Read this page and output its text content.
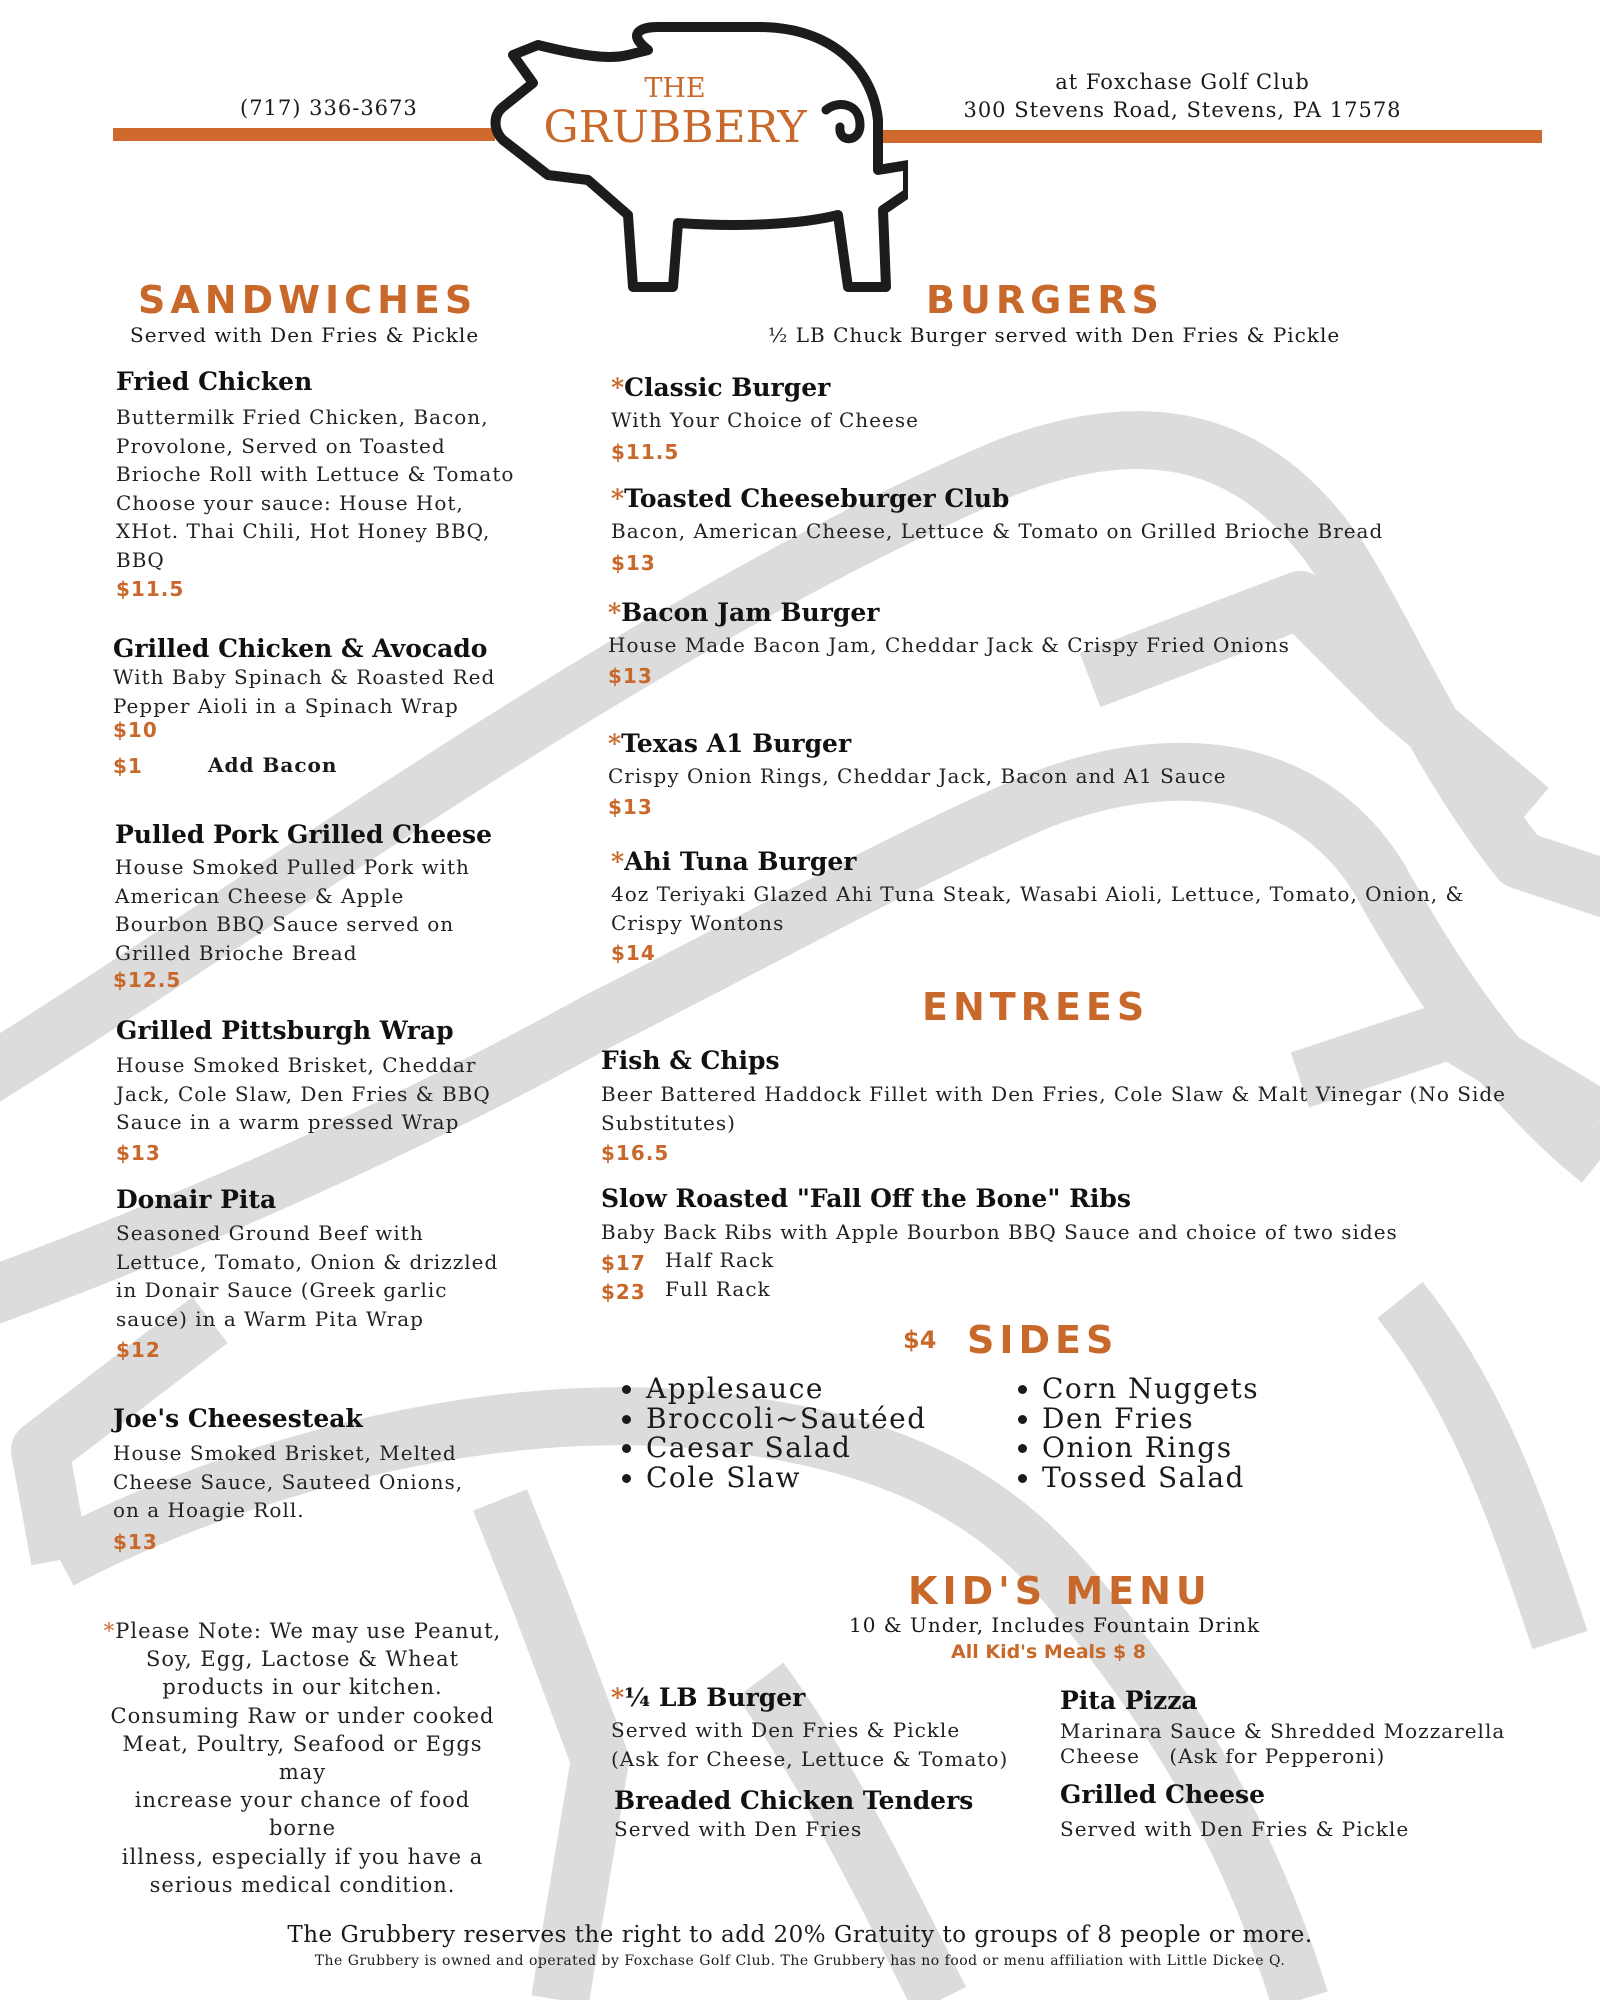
(717) 336-3673
at Foxchase Golf Club
300 Stevens Road, Stevens, PA 17578
THE
GRUBBERY
SANDWICHES
Served with Den Fries & Pickle
Fried Chicken
Buttermilk Fried Chicken, Bacon,
Provolone, Served on Toasted
Brioche Roll with Lettuce & Tomato
Choose your sauce: House Hot,
XHot. Thai Chili, Hot Honey BBQ,
BBQ
$11.5
Grilled Chicken & Avocado
With Baby Spinach & Roasted Red
Pepper Aioli in a Spinach Wrap
$10
$1	Add Bacon
Pulled Pork Grilled Cheese
House Smoked Pulled Pork with
American Cheese & Apple
Bourbon BBQ Sauce served on
Grilled Brioche Bread
$12.5
Grilled Pittsburgh Wrap
House Smoked Brisket, Cheddar
Jack, Cole Slaw, Den Fries & BBQ
Sauce in a warm pressed Wrap
$13
Donair Pita
Seasoned Ground Beef with
Lettuce, Tomato, Onion & drizzled
in Donair Sauce (Greek garlic
sauce) in a Warm Pita Wrap
$12
Joe's Cheesesteak
House Smoked Brisket, Melted
Cheese Sauce, Sauteed Onions,
on a Hoagie Roll.
$13
*Please Note: We may use Peanut,
Soy, Egg, Lactose & Wheat
products in our kitchen.
Consuming Raw or under cooked
Meat, Poultry, Seafood or Eggs may
increase your chance of food borne
illness, especially if you have a
serious medical condition.
BURGERS
½ LB Chuck Burger served with Den Fries & Pickle
*Classic Burger
With Your Choice of Cheese
$11.5
*Toasted Cheeseburger Club
Bacon, American Cheese, Lettuce & Tomato on Grilled Brioche Bread
$13
*Bacon Jam Burger
House Made Bacon Jam, Cheddar Jack & Crispy Fried Onions
$13
*Texas A1 Burger
Crispy Onion Rings, Cheddar Jack, Bacon and A1 Sauce
$13
*Ahi Tuna Burger
4oz Teriyaki Glazed Ahi Tuna Steak, Wasabi Aioli, Lettuce, Tomato, Onion, &
Crispy Wontons
$14
ENTREES
Fish & Chips
Beer Battered Haddock Fillet with Den Fries, Cole Slaw & Malt Vinegar (No Side
Substitutes)
$16.5
Slow Roasted "Fall Off the Bone" Ribs
Baby Back Ribs with Apple Bourbon BBQ Sauce and choice of two sides
$17 Half Rack
$23 Full Rack
$4 SIDES
• Applesauce
• Broccoli~Sautéed
• Caesar Salad
• Cole Slaw
• Corn Nuggets
• Den Fries
• Onion Rings
• Tossed Salad
KID'S MENU
10 & Under, Includes Fountain Drink
All Kid's Meals $ 8
*¼ LB Burger
Served with Den Fries & Pickle
(Ask for Cheese, Lettuce & Tomato)
Breaded Chicken Tenders
Served with Den Fries
Pita Pizza
Marinara Sauce & Shredded Mozzarella
Cheese    (Ask for Pepperoni)
Grilled Cheese
Served with Den Fries & Pickle
The Grubbery reserves the right to add 20% Gratuity to groups of 8 people or more.
The Grubbery is owned and operated by Foxchase Golf Club. The Grubbery has no food or menu affiliation with Little Dickee Q.
